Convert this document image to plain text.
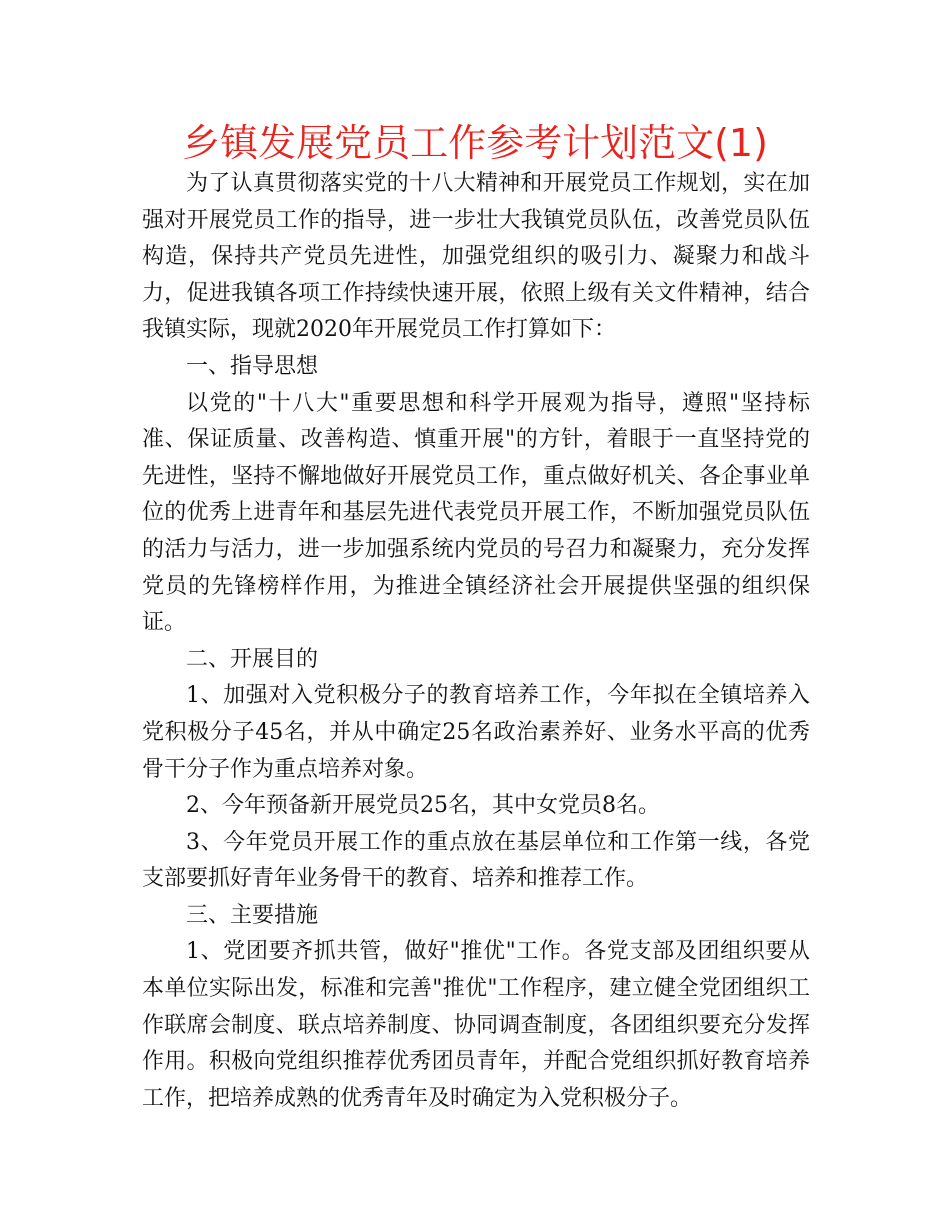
乡镇发展党员工作参考计划范文(1)

为了认真贯彻落实党的十八大精神和开展党员工作规划，实在加强对开展党员工作的指导，进一步壮大我镇党员队伍，改善党员队伍构造，保持共产党员先进性，加强党组织的吸引力、凝聚力和战斗力，促进我镇各项工作持续快速开展，依照上级有关文件精神，结合我镇实际，现就2020年开展党员工作打算如下：

一、指导思想

以党的"十八大"重要思想和科学开展观为指导，遵照"坚持标准、保证质量、改善构造、慎重开展"的方针，着眼于一直坚持党的先进性，坚持不懈地做好开展党员工作，重点做好机关、各企事业单位的优秀上进青年和基层先进代表党员开展工作，不断加强党员队伍的活力与活力，进一步加强系统内党员的号召力和凝聚力，充分发挥党员的先锋榜样作用，为推进全镇经济社会开展提供坚强的组织保证。

二、开展目的

1、加强对入党积极分子的教育培养工作，今年拟在全镇培养入党积极分子45名，并从中确定25名政治素养好、业务水平高的优秀骨干分子作为重点培养对象。

2、今年预备新开展党员25名，其中女党员8名。

3、今年党员开展工作的重点放在基层单位和工作第一线，各党支部要抓好青年业务骨干的教育、培养和推荐工作。

三、主要措施

1、党团要齐抓共管，做好"推优"工作。各党支部及团组织要从本单位实际出发，标准和完善"推优"工作程序，建立健全党团组织工作联席会制度、联点培养制度、协同调查制度，各团组织要充分发挥作用。积极向党组织推荐优秀团员青年，并配合党组织抓好教育培养工作，把培养成熟的优秀青年及时确定为入党积极分子。
